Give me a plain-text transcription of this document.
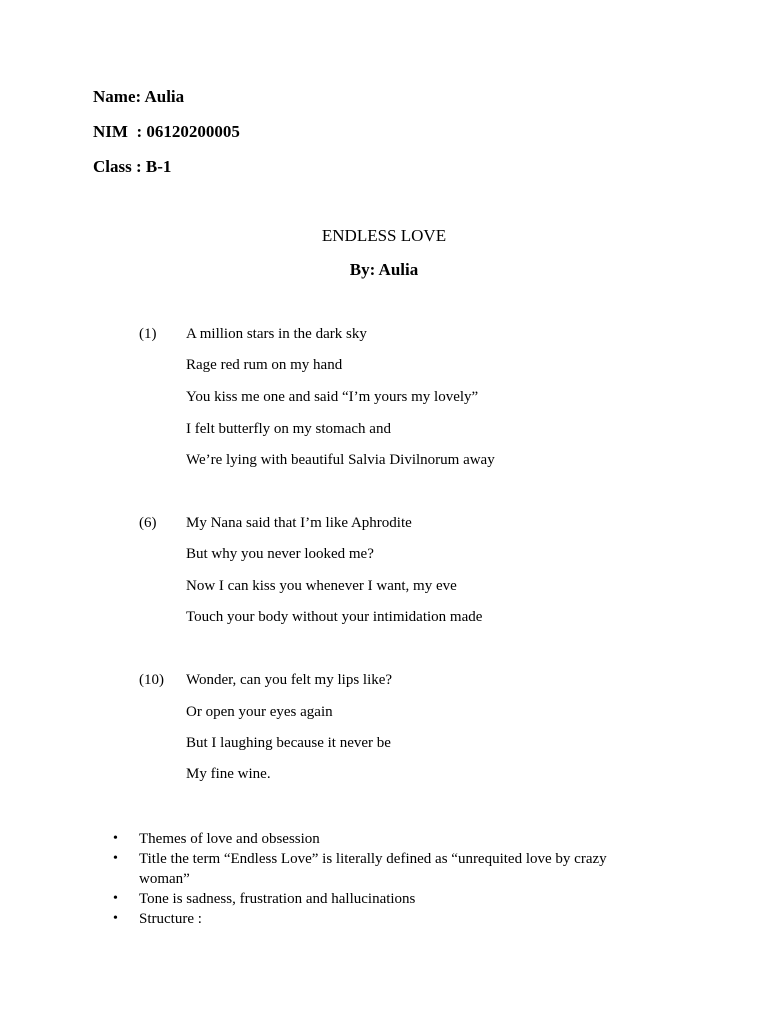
Name: Aulia
NIM  : 06120200005
Class : B-1
ENDLESS LOVE
By: Aulia
(1) A million stars in the dark sky
Rage red rum on my hand
You kiss me one and said “I’m yours my lovely”
I felt butterfly on my stomach and
We’re lying with beautiful Salvia Divilnorum away
(6) My Nana said that I’m like Aphrodite
But why you never looked me?
Now I can kiss you whenever I want, my eve
Touch your body without your intimidation made
(10) Wonder, can you felt my lips like?
Or open your eyes again
But I laughing because it never be
My fine wine.
• Themes of love and obsession
• Title the term “Endless Love” is literally defined as “unrequited love by crazy woman”
• Tone is sadness, frustration and hallucinations
• Structure :
